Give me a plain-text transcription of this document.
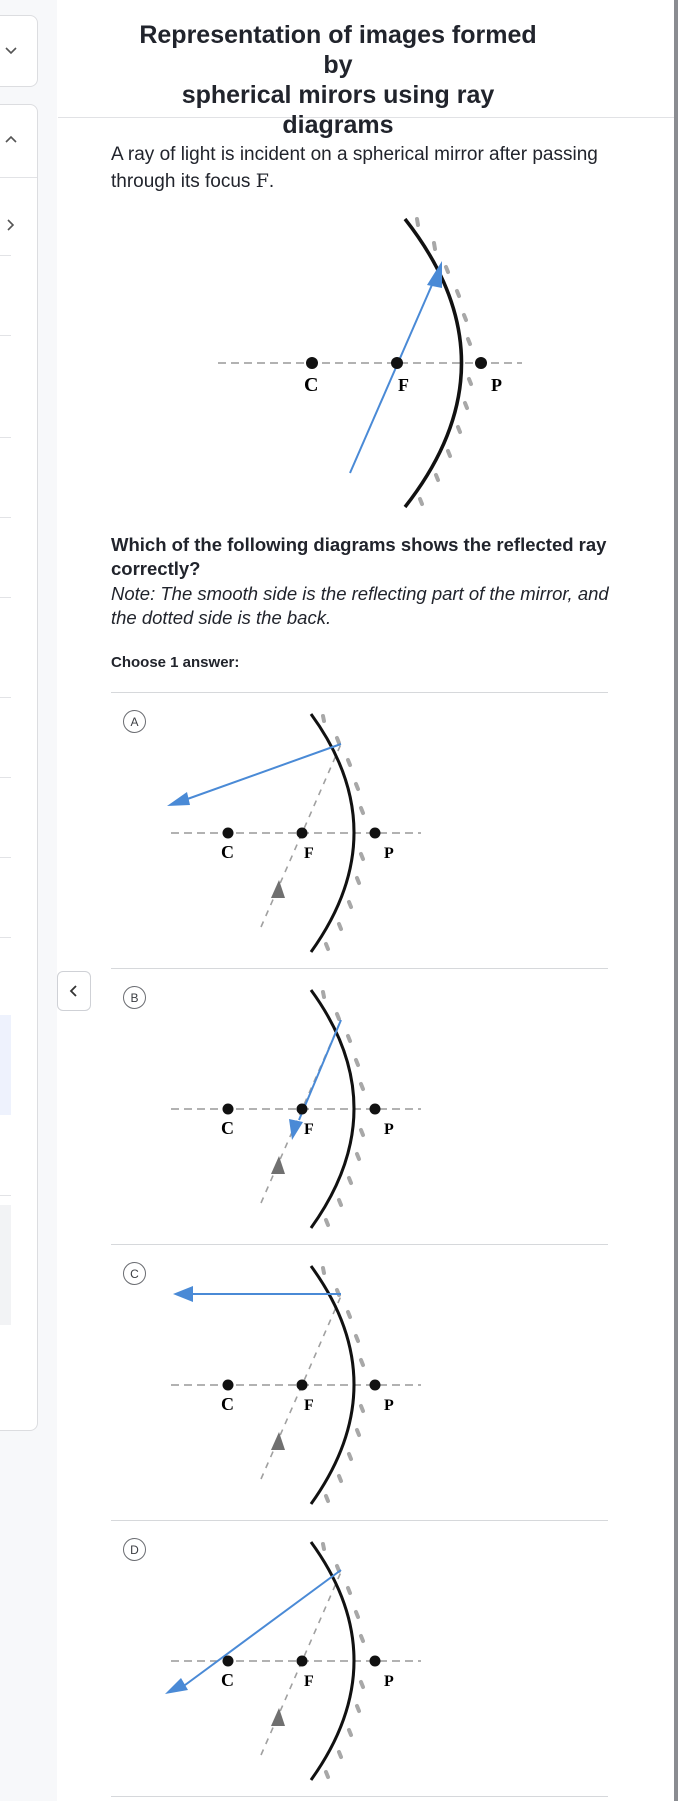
Representation of images formed by
spherical mirors using ray diagrams
A ray of light is incident on a spherical mirror after passing through its focus F.
C	F	P
Which of the following diagrams shows the reflected ray correctly?
Note: The smooth side is the reflecting part of the mirror, and the dotted side is the back.
Choose 1 answer:
A
C	F	P
B
C	F	P
C
C	F	P
D
C	F	P
